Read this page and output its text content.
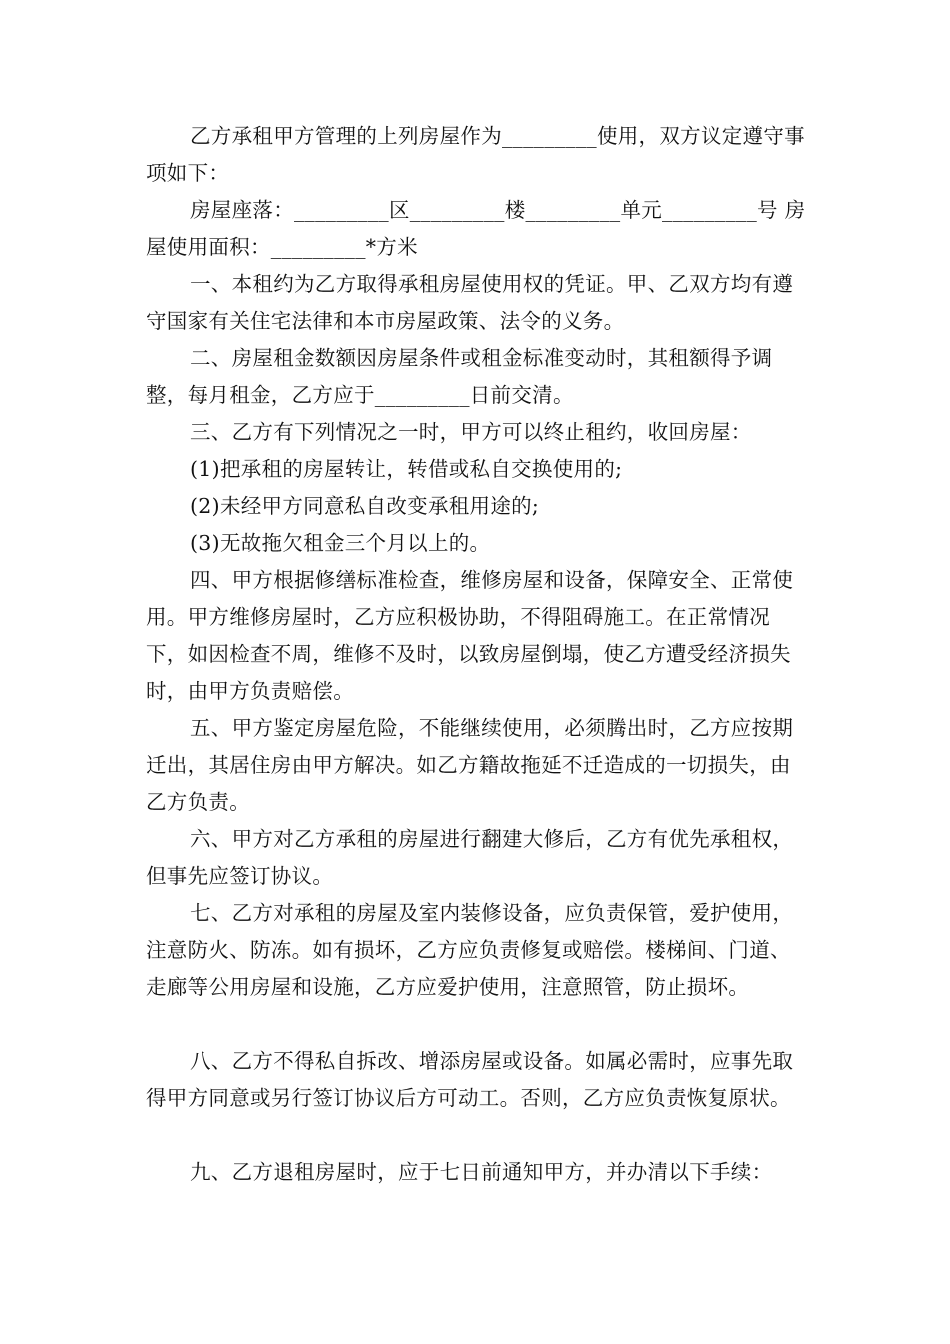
乙方承租甲方管理的上列房屋作为_________使用，双方议定遵守事项如下：

房屋座落：_________区_________楼_________单元_________号 房屋使用面积：_________*方米

一、本租约为乙方取得承租房屋使用权的凭证。甲、乙双方均有遵守国家有关住宅法律和本市房屋政策、法令的义务。

二、房屋租金数额因房屋条件或租金标准变动时，其租额得予调整，每月租金，乙方应于_________日前交清。

三、乙方有下列情况之一时，甲方可以终止租约，收回房屋：

(1)把承租的房屋转让，转借或私自交换使用的;

(2)未经甲方同意私自改变承租用途的;

(3)无故拖欠租金三个月以上的。

四、甲方根据修缮标准检查，维修房屋和设备，保障安全、正常使用。甲方维修房屋时，乙方应积极协助，不得阻碍施工。在正常情况下，如因检查不周，维修不及时，以致房屋倒塌，使乙方遭受经济损失时，由甲方负责赔偿。

五、甲方鉴定房屋危险，不能继续使用，必须腾出时，乙方应按期迁出，其居住房由甲方解决。如乙方籍故拖延不迁造成的一切损失，由乙方负责。

六、甲方对乙方承租的房屋进行翻建大修后，乙方有优先承租权，但事先应签订协议。

七、乙方对承租的房屋及室内装修设备，应负责保管，爱护使用，注意防火、防冻。如有损坏，乙方应负责修复或赔偿。楼梯间、门道、走廊等公用房屋和设施，乙方应爱护使用，注意照管，防止损坏。

八、乙方不得私自拆改、增添房屋或设备。如属必需时，应事先取得甲方同意或另行签订协议后方可动工。否则，乙方应负责恢复原状。

九、乙方退租房屋时，应于七日前通知甲方，并办清以下手续：
